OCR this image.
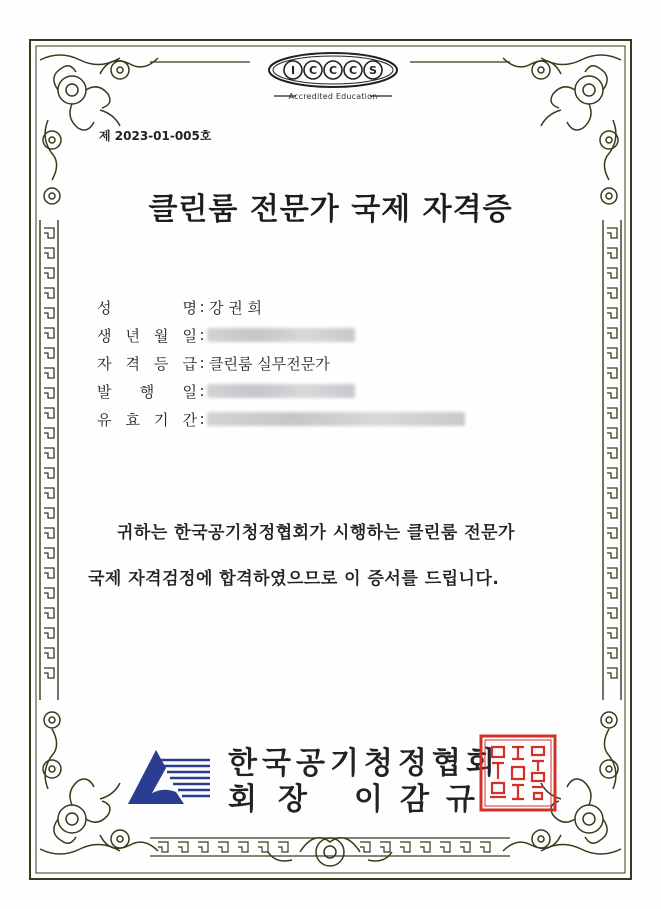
I C C C S
Accredited Education
제 2023-01-005호
클린룸 전문가 국제 자격증
성	명 : 강 권 희
생 년 월 일 :
자 격 등 급 : 클린룸 실무전문가
발 행 일 :
유 효 기 간 :
귀하는 한국공기청정협회가 시행하는 클린룸 전문가
국제 자격검정에 합격하였으므로 이 증서를 드립니다.
한국공기청정협회
회 장 이 감 규
